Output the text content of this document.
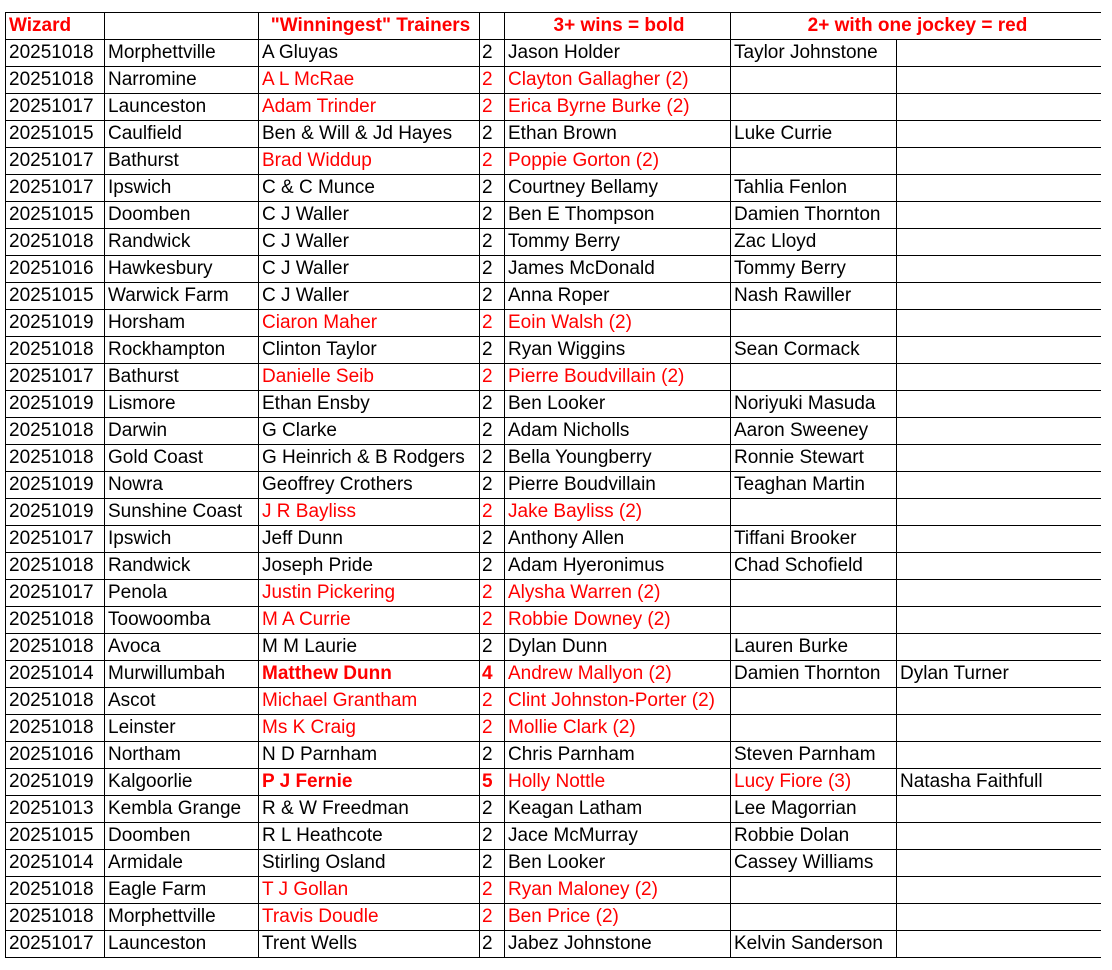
Wizard		"Winningest" Trainers		3+ wins = bold	2+ with one jockey = red	
20251018	Morphettville	A Gluyas	2	Jason Holder	Taylor Johnstone	
20251018	Narromine	A L McRae	2	Clayton Gallagher (2)		
20251017	Launceston	Adam Trinder	2	Erica Byrne Burke (2)		
20251015	Caulfield	Ben & Will & Jd Hayes	2	Ethan Brown	Luke Currie	
20251017	Bathurst	Brad Widdup	2	Poppie Gorton (2)		
20251017	Ipswich	C & C Munce	2	Courtney Bellamy	Tahlia Fenlon	
20251015	Doomben	C J Waller	2	Ben E Thompson	Damien Thornton	
20251018	Randwick	C J Waller	2	Tommy Berry	Zac Lloyd	
20251016	Hawkesbury	C J Waller	2	James McDonald	Tommy Berry	
20251015	Warwick Farm	C J Waller	2	Anna Roper	Nash Rawiller	
20251019	Horsham	Ciaron Maher	2	Eoin Walsh (2)		
20251018	Rockhampton	Clinton Taylor	2	Ryan Wiggins	Sean Cormack	
20251017	Bathurst	Danielle Seib	2	Pierre Boudvillain (2)		
20251019	Lismore	Ethan Ensby	2	Ben Looker	Noriyuki Masuda	
20251018	Darwin	G Clarke	2	Adam Nicholls	Aaron Sweeney	
20251018	Gold Coast	G Heinrich & B Rodgers	2	Bella Youngberry	Ronnie Stewart	
20251019	Nowra	Geoffrey Crothers	2	Pierre Boudvillain	Teaghan Martin	
20251019	Sunshine Coast	J R Bayliss	2	Jake Bayliss (2)		
20251017	Ipswich	Jeff Dunn	2	Anthony Allen	Tiffani Brooker	
20251018	Randwick	Joseph Pride	2	Adam Hyeronimus	Chad Schofield	
20251017	Penola	Justin Pickering	2	Alysha Warren (2)		
20251018	Toowoomba	M A Currie	2	Robbie Downey (2)		
20251018	Avoca	M M Laurie	2	Dylan Dunn	Lauren Burke	
20251014	Murwillumbah	Matthew Dunn	4	Andrew Mallyon (2)	Damien Thornton	Dylan Turner
20251018	Ascot	Michael Grantham	2	Clint Johnston-Porter (2)		
20251018	Leinster	Ms K Craig	2	Mollie Clark (2)		
20251016	Northam	N D Parnham	2	Chris Parnham	Steven Parnham	
20251019	Kalgoorlie	P J Fernie	5	Holly Nottle	Lucy Fiore (3)	Natasha Faithfull
20251013	Kembla Grange	R & W Freedman	2	Keagan Latham	Lee Magorrian	
20251015	Doomben	R L Heathcote	2	Jace McMurray	Robbie Dolan	
20251014	Armidale	Stirling Osland	2	Ben Looker	Cassey Williams	
20251018	Eagle Farm	T J Gollan	2	Ryan Maloney (2)		
20251018	Morphettville	Travis Doudle	2	Ben Price (2)		
20251017	Launceston	Trent Wells	2	Jabez Johnstone	Kelvin Sanderson	
